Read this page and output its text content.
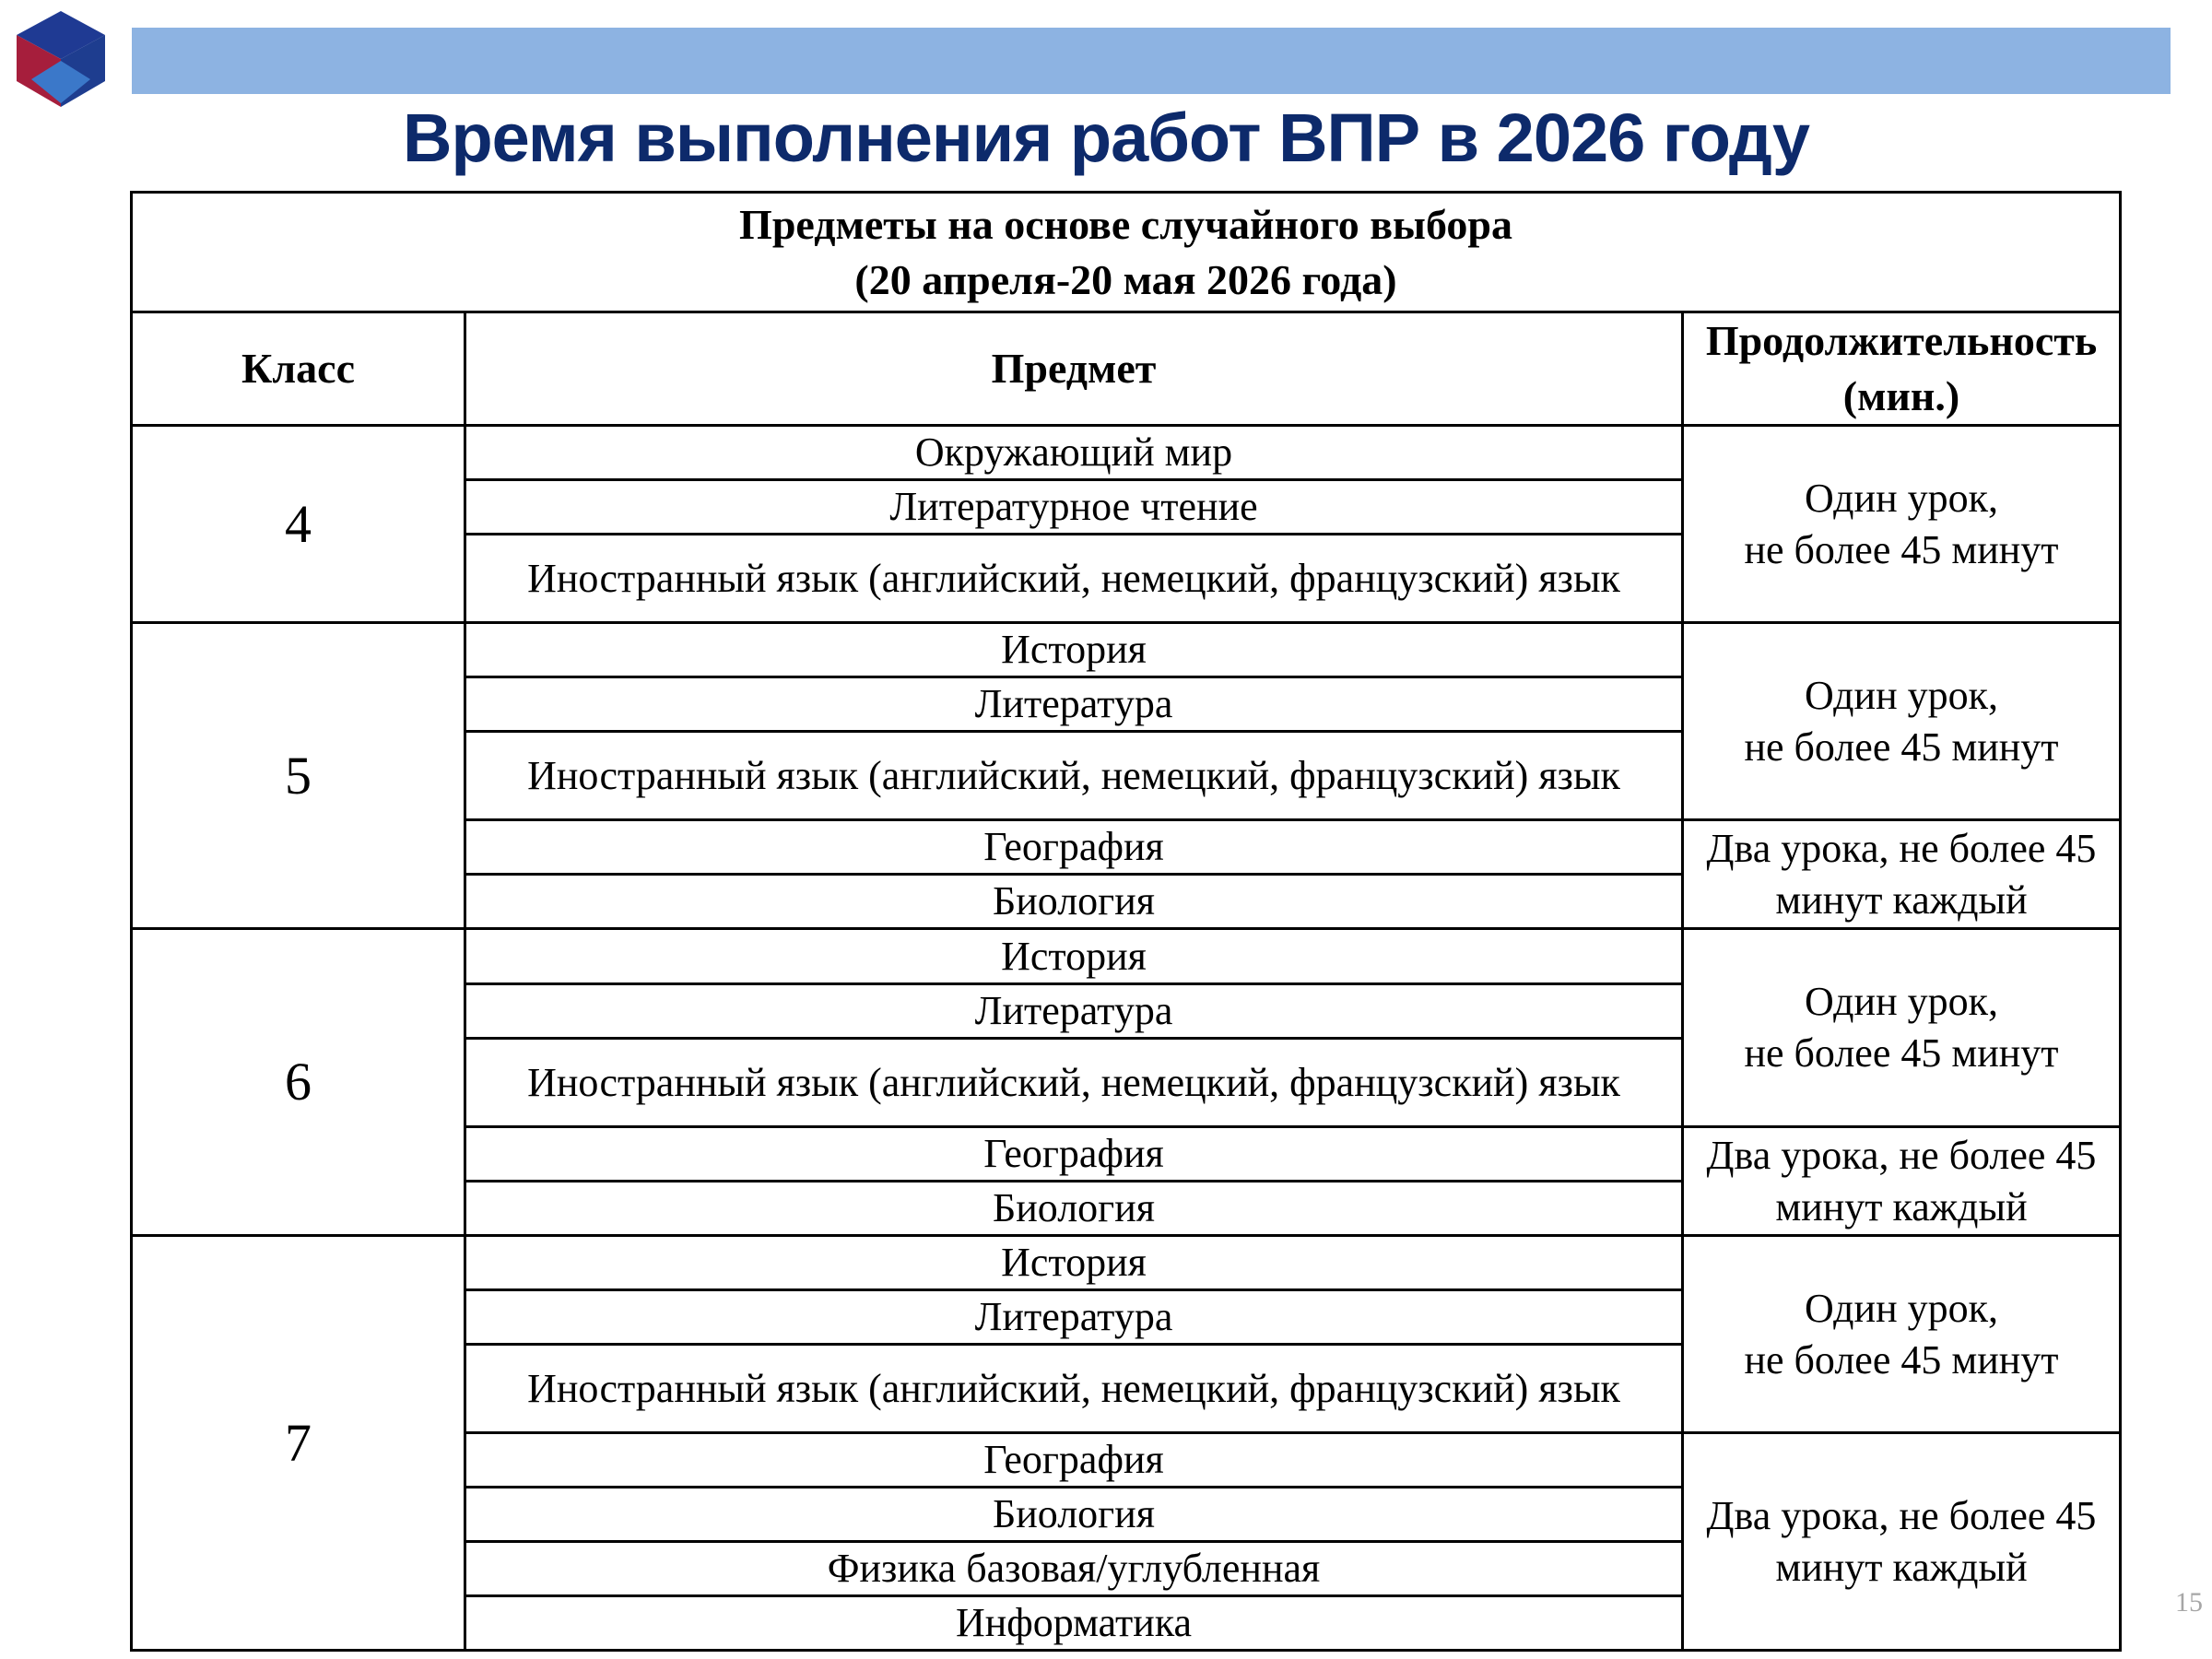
Время выполнения работ ВПР в 2026 году
Предметы на основе случайного выбора
(20 апреля-20 мая 2026 года)		

Класс	Предмет	Продолжительность
(мин.)

4	Окружающий мир	Один урок,
не более 45 минут

	Литературное чтение	
	Иностранный язык (английский, немецкий, французский) язык	
5	История	Один урок,
не более 45 минут

	Литература	
	Иностранный язык (английский, немецкий, французский) язык	
	География	Два урока, не более 45
минут каждый

	Биология	
6	История	Один урок,
не более 45 минут

	Литература	
	Иностранный язык (английский, немецкий, французский) язык	
	География	Два урока, не более 45
минут каждый

	Биология	
7	История	Один урок,
не более 45 минут

	Литература	
	Иностранный язык (английский, немецкий, французский) язык	
	География	Два урока, не более 45
минут каждый

	Биология	
	Физика базовая/углубленная	
	Информатика		15
